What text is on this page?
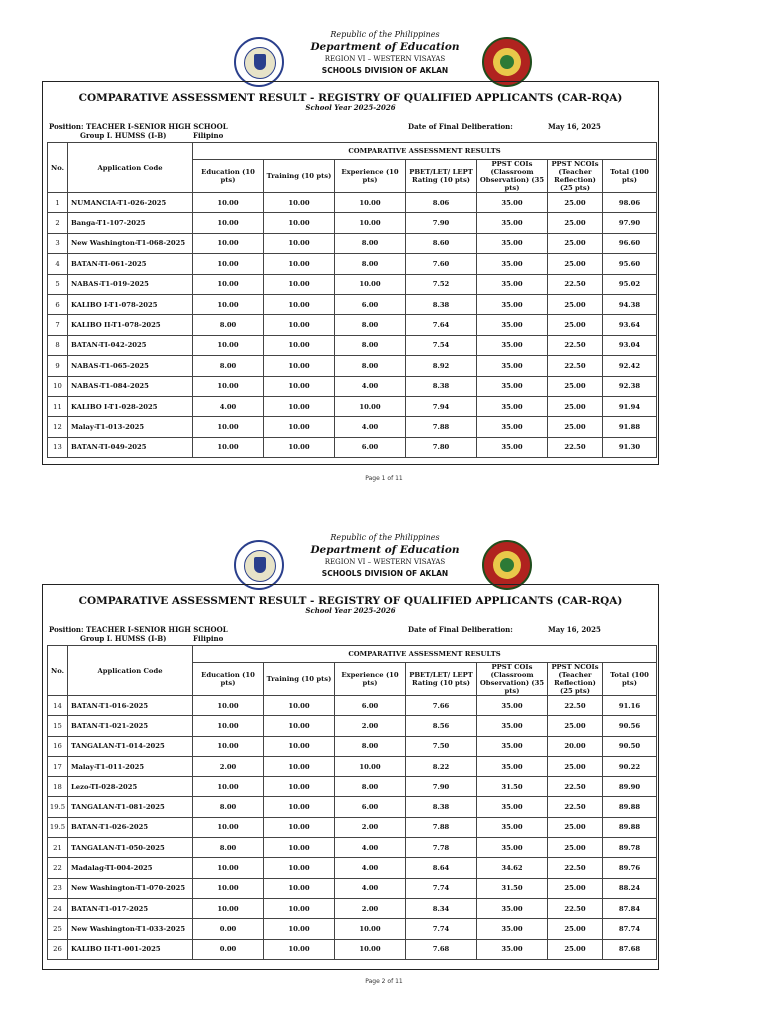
Republic of the Philippines
Department of Education
REGION VI – WESTERN VISAYAS
SCHOOLS DIVISION OF AKLAN
COMPARATIVE ASSESSMENT RESULT - REGISTRY OF QUALIFIED APPLICANTS (CAR-RQA)
School Year 2025-2026
Position: TEACHER I-SENIOR HIGH SCHOOL
Group I. HUMSS (I-B)	Filipino
Date of Final Deliberation:	May 16, 2025
No.	Application Code	COMPARATIVE ASSESSMENT RESULTS						
		Education (10 pts)	Training (10 pts)	Experience (10 pts)	PBET/LET/ LEPT Rating (10 pts)	PPST COIs (Classroom Observation) (35 pts)	PPST NCOIs (Teacher Reflection) (25 pts)	Total (100 pts)
1	NUMANCIA-T1-026-2025	10.00	10.00	10.00	8.06	35.00	25.00	98.06
2	Banga-T1-107-2025	10.00	10.00	10.00	7.90	35.00	25.00	97.90
3	New Washington-T1-068-2025	10.00	10.00	8.00	8.60	35.00	25.00	96.60
4	BATAN-TI-061-2025	10.00	10.00	8.00	7.60	35.00	25.00	95.60
5	NABAS-T1-019-2025	10.00	10.00	10.00	7.52	35.00	22.50	95.02
6	KALIBO I-T1-078-2025	10.00	10.00	6.00	8.38	35.00	25.00	94.38
7	KALIBO II-T1-078-2025	8.00	10.00	8.00	7.64	35.00	25.00	93.64
8	BATAN-TI-042-2025	10.00	10.00	8.00	7.54	35.00	22.50	93.04
9	NABAS-T1-065-2025	8.00	10.00	8.00	8.92	35.00	22.50	92.42
10	NABAS-T1-084-2025	10.00	10.00	4.00	8.38	35.00	25.00	92.38
11	KALIBO I-T1-028-2025	4.00	10.00	10.00	7.94	35.00	25.00	91.94
12	Malay-T1-013-2025	10.00	10.00	4.00	7.88	35.00	25.00	91.88
13	BATAN-TI-049-2025	10.00	10.00	6.00	7.80	35.00	22.50	91.30
Page 1 of 11
Republic of the Philippines
Department of Education
REGION VI – WESTERN VISAYAS
SCHOOLS DIVISION OF AKLAN
COMPARATIVE ASSESSMENT RESULT - REGISTRY OF QUALIFIED APPLICANTS (CAR-RQA)
School Year 2025-2026
Position: TEACHER I-SENIOR HIGH SCHOOL
Group I. HUMSS (I-B)	Filipino
Date of Final Deliberation:	May 16, 2025
No.	Application Code	COMPARATIVE ASSESSMENT RESULTS						
		Education (10 pts)	Training (10 pts)	Experience (10 pts)	PBET/LET/ LEPT Rating (10 pts)	PPST COIs (Classroom Observation) (35 pts)	PPST NCOIs (Teacher Reflection) (25 pts)	Total (100 pts)
14	BATAN-T1-016-2025	10.00	10.00	6.00	7.66	35.00	22.50	91.16
15	BATAN-T1-021-2025	10.00	10.00	2.00	8.56	35.00	25.00	90.56
16	TANGALAN-T1-014-2025	10.00	10.00	8.00	7.50	35.00	20.00	90.50
17	Malay-T1-011-2025	2.00	10.00	10.00	8.22	35.00	25.00	90.22
18	Lezo-TI-028-2025	10.00	10.00	8.00	7.90	31.50	22.50	89.90
19.5	TANGALAN-T1-081-2025	8.00	10.00	6.00	8.38	35.00	22.50	89.88
19.5	BATAN-T1-026-2025	10.00	10.00	2.00	7.88	35.00	25.00	89.88
21	TANGALAN-T1-050-2025	8.00	10.00	4.00	7.78	35.00	25.00	89.78
22	Madalag-TI-004-2025	10.00	10.00	4.00	8.64	34.62	22.50	89.76
23	New Washington-T1-070-2025	10.00	10.00	4.00	7.74	31.50	25.00	88.24
24	BATAN-T1-017-2025	10.00	10.00	2.00	8.34	35.00	22.50	87.84
25	New Washington-T1-033-2025	0.00	10.00	10.00	7.74	35.00	25.00	87.74
26	KALIBO II-T1-001-2025	0.00	10.00	10.00	7.68	35.00	25.00	87.68
Page 2 of 11
